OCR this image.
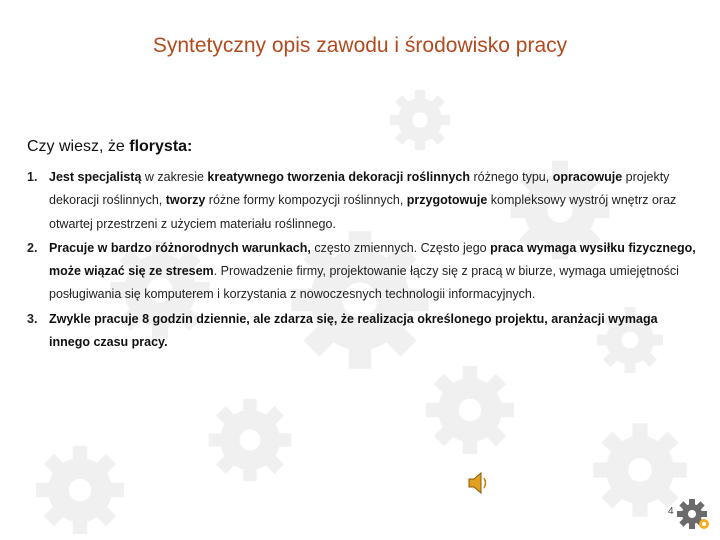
Syntetyczny opis zawodu i środowisko pracy

Czy wiesz, że florysta:

1. Jest specjalistą w zakresie kreatywnego tworzenia dekoracji roślinnych różnego typu, opracowuje projekty dekoracji roślinnych, tworzy różne formy kompozycji roślinnych, przygotowuje kompleksowy wystrój wnętrz oraz otwartej przestrzeni z użyciem materiału roślinnego.
2. Pracuje w bardzo różnorodnych warunkach, często zmiennych. Często jego praca wymaga wysiłku fizycznego, może wiązać się ze stresem. Prowadzenie firmy, projektowanie łączy się z pracą w biurze, wymaga umiejętności posługiwania się komputerem i korzystania z nowoczesnych technologii informacyjnych.
3. Zwykle pracuje 8 godzin dziennie, ale zdarza się, że realizacja określonego projektu, aranżacji wymaga innego czasu pracy.
4
